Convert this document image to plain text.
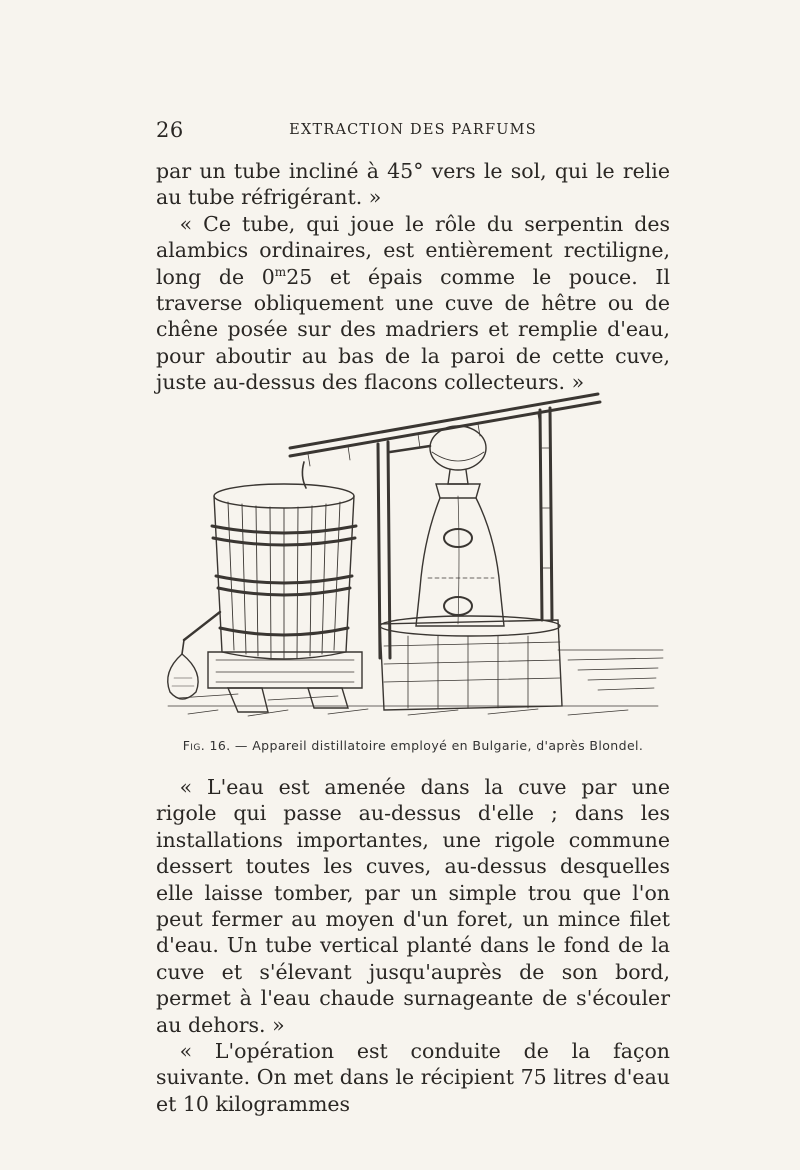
26	EXTRACTION DES PARFUMS

par un tube incliné à 45° vers le sol, qui le relie au tube réfrigérant. »

« Ce tube, qui joue le rôle du serpentin des alambics ordinaires, est entièrement rectiligne, long de 0$^m$25 et épais comme le pouce. Il traverse obliquement une cuve de hêtre ou de chêne posée sur des madriers et remplie d'eau, pour aboutir au bas de la paroi de cette cuve, juste au-dessus des flacons collecteurs. »

Fig. 16. — Appareil distillatoire employé en Bulgarie, d'après Blondel.

« L'eau est amenée dans la cuve par une rigole qui passe au-dessus d'elle ; dans les installations importantes, une rigole commune dessert toutes les cuves, au-dessus desquelles elle laisse tomber, par un simple trou que l'on peut fermer au moyen d'un foret, un mince filet d'eau. Un tube vertical planté dans le fond de la cuve et s'élevant jusqu'auprès de son bord, permet à l'eau chaude surnageante de s'écouler au dehors. »

« L'opération est conduite de la façon suivante. On met dans le récipient 75 litres d'eau et 10 kilogrammes
